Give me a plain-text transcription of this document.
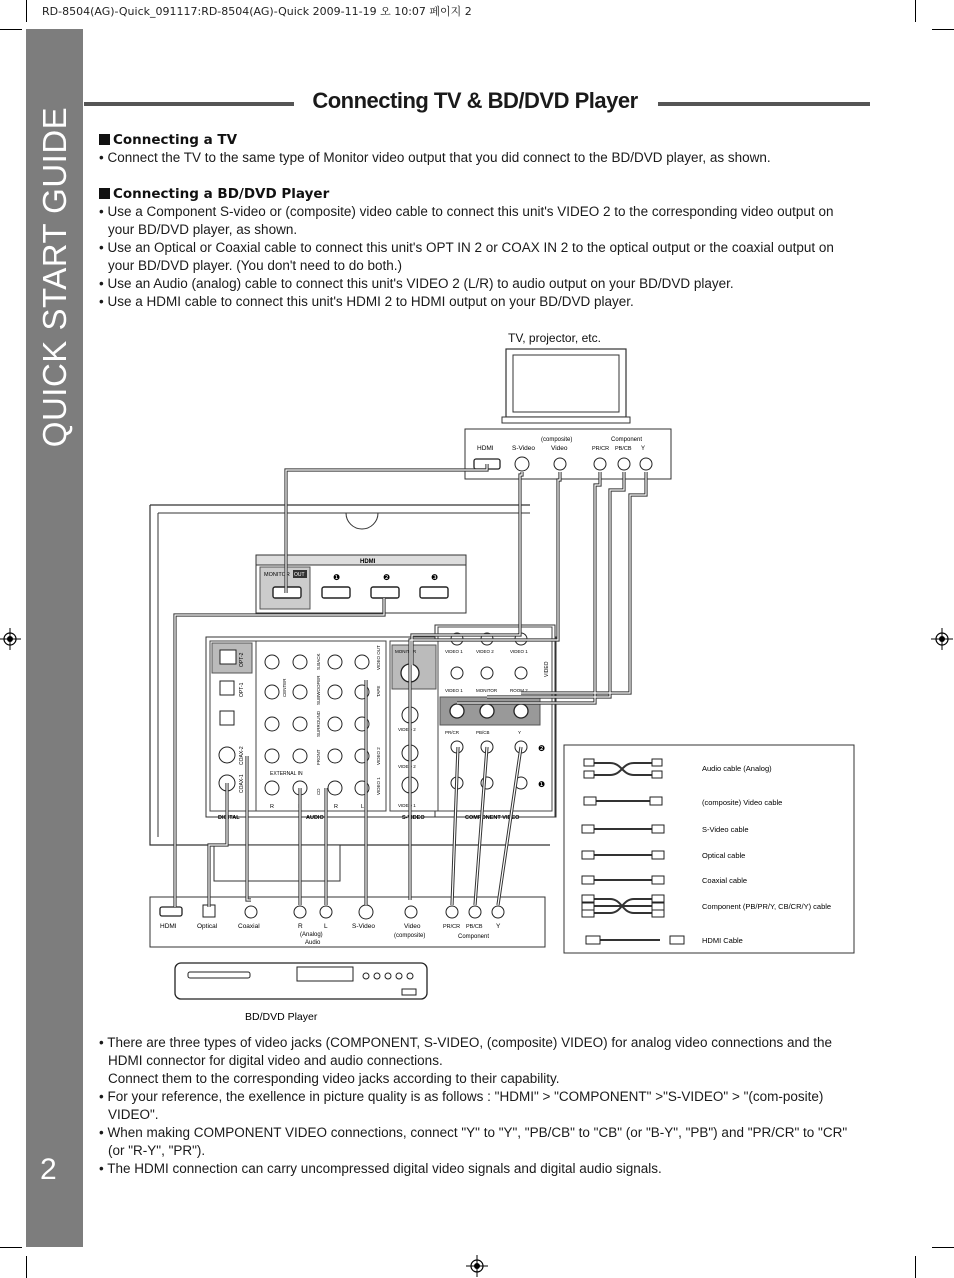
RD-8504(AG)-Quick_091117:RD-8504(AG)-Quick 2009-11-19 오 10:07 페이지 2
QUICK START GUIDE
2
Connecting TV & BD/DVD Player
Connecting a TV

• Connect the TV to the same type of Monitor video output that you did connect to the BD/DVD player, as shown.

Connecting a BD/DVD Player

• Use a Component S-video or (composite) video cable to connect this unit's VIDEO 2 to the corresponding video output on your BD/DVD player, as shown.

• Use an Optical or Coaxial cable to connect this unit's OPT IN 2 or COAX IN 2 to the optical output or the coaxial output on your BD/DVD player. (You don't need to do both.)

• Use an Audio (analog) cable to connect this unit's VIDEO 2 (L/R) to audio output on your BD/DVD player.

• Use a HDMI cable to connect this unit's HDMI 2 to HDMI output on your BD/DVD player.

TV, projector, etc.
HDMI	S-Video
(composite)
Video
Component
PR/CR PB/CB Y
HDMI
MONITOR OUT	❶	❷	❸
OPT-2
OPT-1
COAX-2
COAX-1
DIGITAL
CENTER	SUBWOOFER
SURROUND
FRONT
CD
S.BACK
TAPE
VIDEO 2
VIDEO 1
VIDEO OUT
EXTERNAL IN
R	L	R	L
AUDIO
MONITOR
VIDEO 2
VIDEO 2
VIDEO 1
S-VIDEO
VIDEO 1	VIDEO 2	VIDEO 1
VIDEO 1	MONITOR	ROOM 2
VIDEO
PR/CR	PB/CB	Y
❷
❶
COMPONENT VIDEO
HDMI	Optical	Coaxial	R	L
(Analog)
Audio
S-Video	Video
(composite)
PR/CR PB/CB Y
Component
BD/DVD Player
Audio cable (Analog)
(composite) Video cable
S-Video cable
Optical cable
Coaxial cable
Component (PB/PR/Y, CB/CR/Y) cable
HDMI Cable

• There are three types of video jacks (COMPONENT, S-VIDEO, (composite) VIDEO) for analog video connections and the HDMI connector for digital video and audio connections.

Connect them to the corresponding video jacks according to their capability.

• For your reference, the exellence in picture quality is as follows : "HDMI" > "COMPONENT" >"S-VIDEO" > "(com-posite) VIDEO".

• When making COMPONENT VIDEO connections, connect "Y" to "Y", "PB/CB" to "CB" (or "B-Y", "PB") and "PR/CR" to "CR" (or "R-Y", "PR").

• The HDMI connection can carry uncompressed digital video signals and digital audio signals.
